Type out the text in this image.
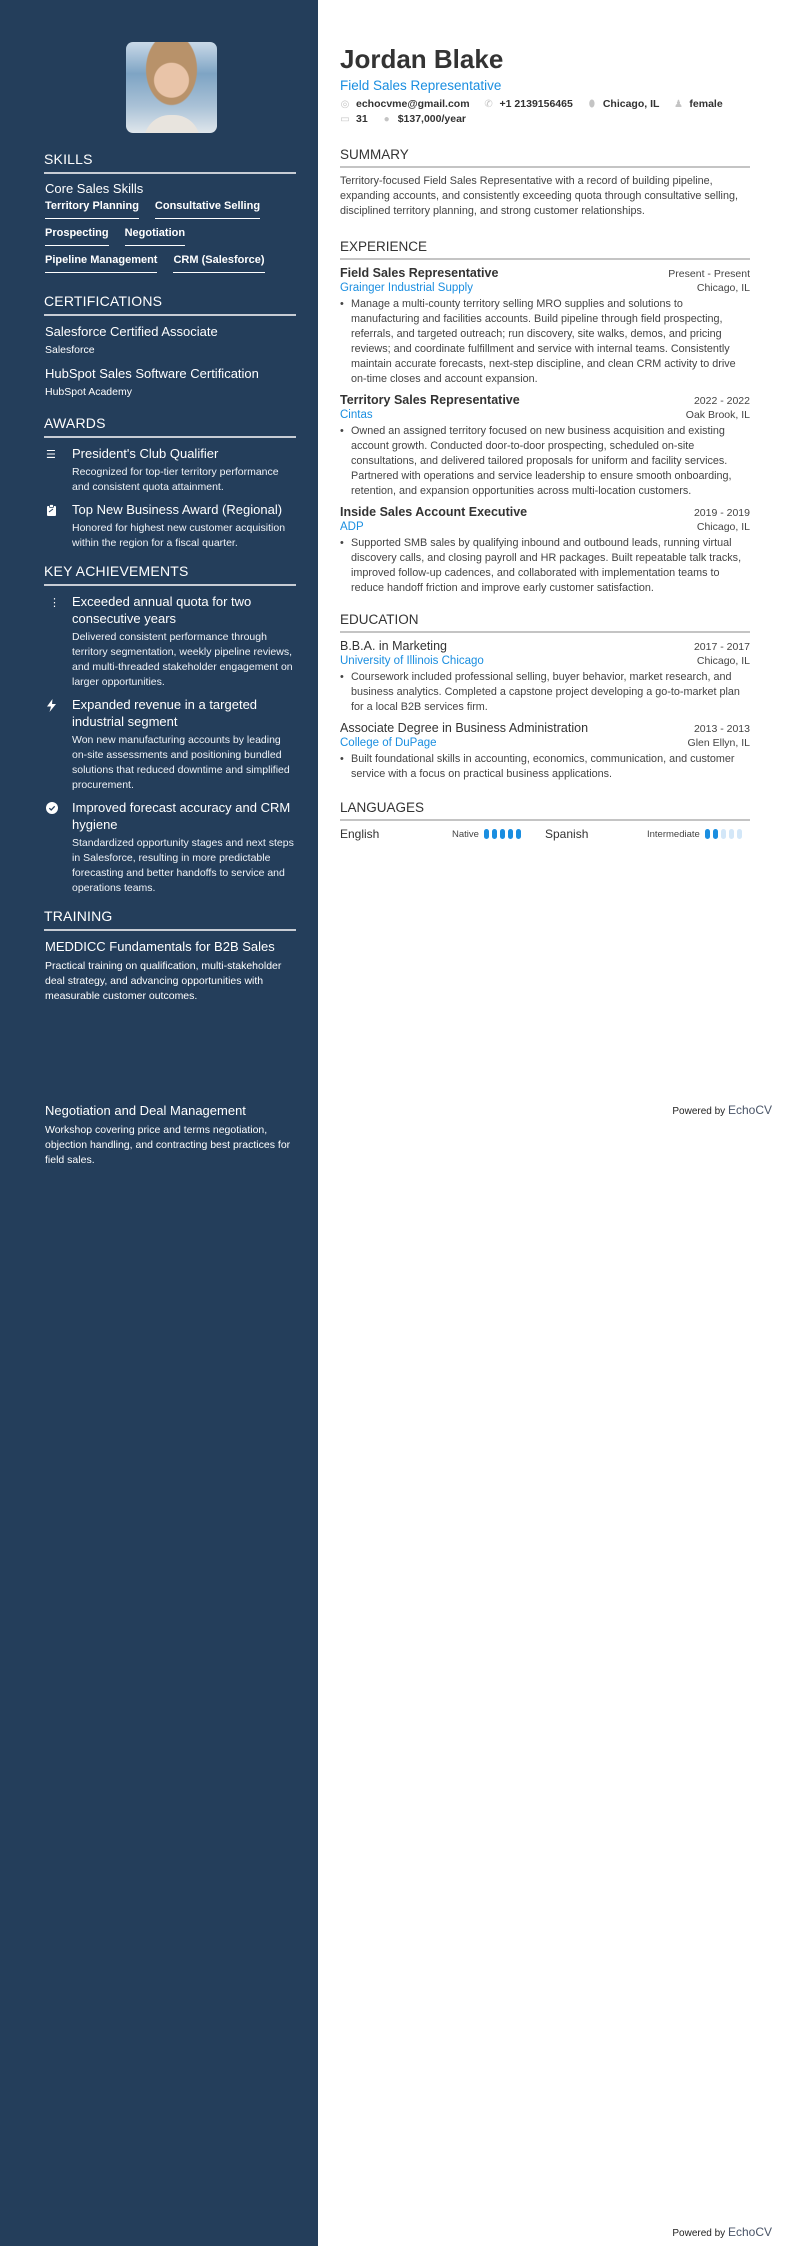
SKILLS
Core Sales Skills
Territory Planning Consultative Selling
Prospecting Negotiation
Pipeline Management CRM (Salesforce)
CERTIFICATIONS
Salesforce Certified Associate
Salesforce
HubSpot Sales Software Certification
HubSpot Academy
AWARDS
☰	President's Club Qualifier
Recognized for top-tier territory performance and consistent quota attainment.
Top New Business Award (Regional)
Honored for highest new customer acquisition within the region for a fiscal quarter.
KEY ACHIEVEMENTS
⋮ Exceeded annual quota for two consecutive years
Delivered consistent performance through territory segmentation, weekly pipeline reviews, and multi-threaded stakeholder engagement on larger opportunities.
Expanded revenue in a targeted industrial segment
Won new manufacturing accounts by leading on-site assessments and positioning bundled solutions that reduced downtime and simplified procurement.
Improved forecast accuracy and CRM hygiene
Standardized opportunity stages and next steps in Salesforce, resulting in more predictable forecasting and better handoffs to service and operations teams.
TRAINING
MEDDICC Fundamentals for B2B Sales
Practical training on qualification, multi-stakeholder deal strategy, and advancing opportunities with measurable customer outcomes.
Negotiation and Deal Management
Workshop covering price and terms negotiation, objection handling, and contracting best practices for field sales.
Jordan Blake
Field Sales Representative
◎ echocvme@gmail.com ✆ +1 2139156465 ⬮ Chicago, IL ♟ female
▭ 31 ● $137,000/year
SUMMARY
Territory-focused Field Sales Representative with a record of building pipeline, expanding accounts, and consistently exceeding quota through consultative selling, disciplined territory planning, and strong customer relationships.
EXPERIENCE
Field Sales Representative	Present - Present
Grainger Industrial Supply	Chicago, IL
• Manage a multi-county territory selling MRO supplies and solutions to manufacturing and facilities accounts. Build pipeline through field prospecting, referrals, and targeted outreach; run discovery, site walks, demos, and pricing reviews; and coordinate fulfillment and service with internal teams. Consistently maintain accurate forecasts, next-step discipline, and clean CRM activity to drive on-time closes and account expansion.
Territory Sales Representative	2022 - 2022
Cintas	Oak Brook, IL
• Owned an assigned territory focused on new business acquisition and existing account growth. Conducted door-to-door prospecting, scheduled on-site consultations, and delivered tailored proposals for uniform and facility services. Partnered with operations and service leadership to ensure smooth onboarding, retention, and expansion opportunities across multi-location customers.
Inside Sales Account Executive	2019 - 2019
ADP	Chicago, IL
• Supported SMB sales by qualifying inbound and outbound leads, running virtual discovery calls, and closing payroll and HR packages. Built repeatable talk tracks, improved follow-up cadences, and collaborated with implementation teams to reduce handoff friction and improve early customer satisfaction.
EDUCATION
B.B.A. in Marketing	2017 - 2017
University of Illinois Chicago	Chicago, IL
• Coursework included professional selling, buyer behavior, market research, and business analytics. Completed a capstone project developing a go-to-market plan for a local B2B services firm.
Associate Degree in Business Administration	2013 - 2013
College of DuPage	Glen Ellyn, IL
• Built foundational skills in accounting, economics, communication, and customer service with a focus on practical business applications.
LANGUAGES
English	Native	Spanish	Intermediate
Powered by EchoCV
Powered by EchoCV
